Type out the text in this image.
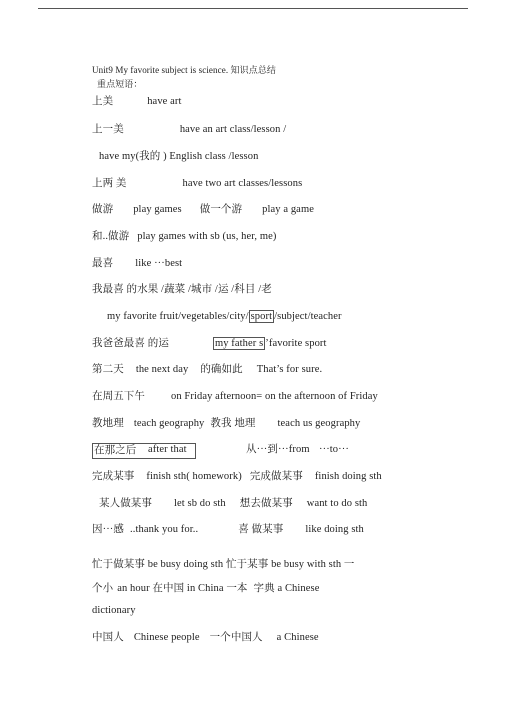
Unit9 My favorite subject is science. 知识点总结
重点短语：
上美	have art
上一美	have an art class/lesson /
have my(我的 ) English class /lesson
上两 美	have two art classes/lessons
做游 play games 做一个游 play a game
和..做游 play games with sb (us, her, me)
最喜 like ···best
我最喜 的水果 /蔬菜 /城市 /运 /科目 /老
my favorite fruit/vegetables/city/ sport /subject/teacher
我爸爸最喜 的运	my father s ’favorite sport
第二天 the next day 的确如此 That’s for sure.
在周五下午 on Friday afternoon= on the afternoon of Friday
教地理 teach geography 教我 地理 teach us geography
在那之后	after that	从···到···from ···to···
完成某事 finish sth( homework) 完成做某事 finish doing sth
某人做某事 let sb do sth 想去做某事 want to do sth
因···感 ..thank you for..	喜 做某事 like doing sth
忙于做某事 be busy doing sth 忙于某事 be busy with sth 一
个小 an hour 在中国 in China 一本 字典 a Chinese
dictionary
中国人 Chinese people 一个中国人 a Chinese
